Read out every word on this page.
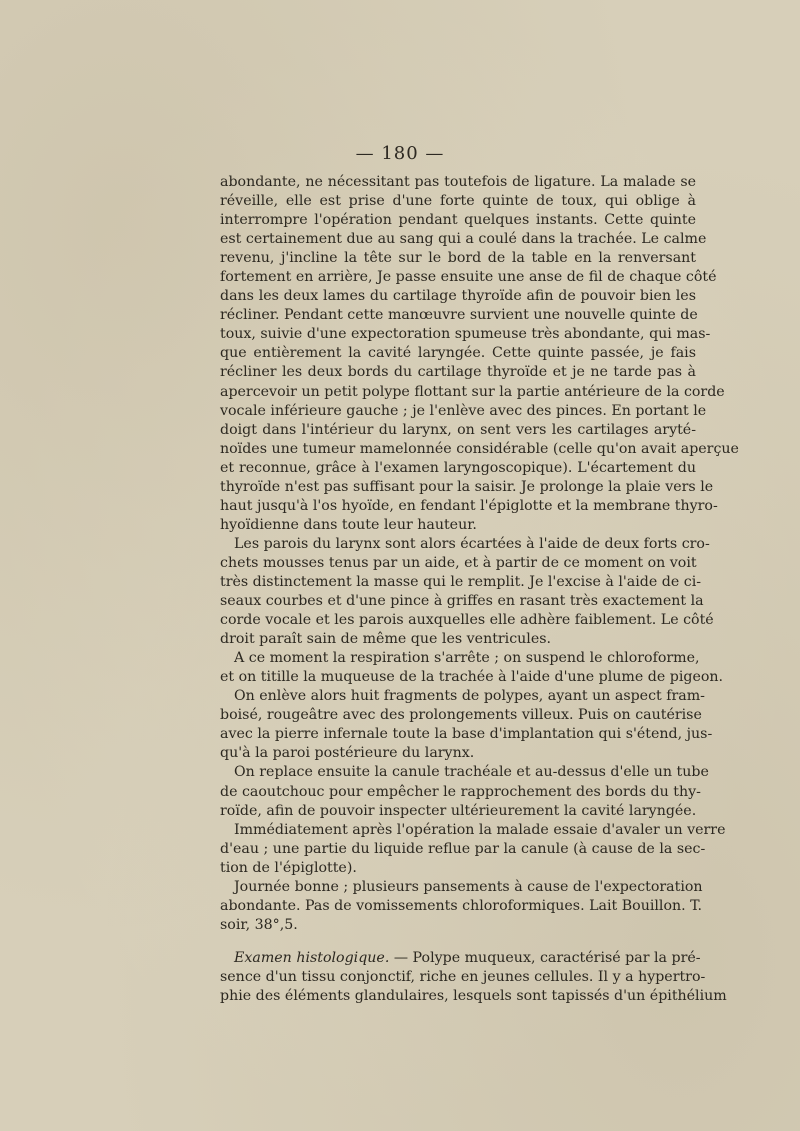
— 180 —
abondante, ne nécessitant pas toutefois de ligature. La malade se
réveille, elle est prise d'une forte quinte de toux, qui oblige à
interrompre l'opération pendant quelques instants. Cette quinte
est certainement due au sang qui a coulé dans la trachée. Le calme
revenu, j'incline la tête sur le bord de la table en la renversant
fortement en arrière, Je passe ensuite une anse de fil de chaque côté
dans les deux lames du cartilage thyroïde afin de pouvoir bien les
récliner. Pendant cette manœuvre survient une nouvelle quinte de
toux, suivie d'une expectoration spumeuse très abondante, qui mas-
que entièrement la cavité laryngée. Cette quinte passée, je fais
récliner les deux bords du cartilage thyroïde et je ne tarde pas à
apercevoir un petit polype flottant sur la partie antérieure de la corde
vocale inférieure gauche ; je l'enlève avec des pinces. En portant le
doigt dans l'intérieur du larynx, on sent vers les cartilages aryté-
noïdes une tumeur mamelonnée considérable (celle qu'on avait aperçue
et reconnue, grâce à l'examen laryngoscopique). L'écartement du
thyroïde n'est pas suffisant pour la saisir. Je prolonge la plaie vers le
haut jusqu'à l'os hyoïde, en fendant l'épiglotte et la membrane thyro-
hyoïdienne dans toute leur hauteur.
Les parois du larynx sont alors écartées à l'aide de deux forts cro-
chets mousses tenus par un aide, et à partir de ce moment on voit
très distinctement la masse qui le remplit. Je l'excise à l'aide de ci-
seaux courbes et d'une pince à griffes en rasant très exactement la
corde vocale et les parois auxquelles elle adhère faiblement. Le côté
droit paraît sain de même que les ventricules.
A ce moment la respiration s'arrête ; on suspend le chloroforme,
et on titille la muqueuse de la trachée à l'aide d'une plume de pigeon.
On enlève alors huit fragments de polypes, ayant un aspect fram-
boisé, rougeâtre avec des prolongements villeux. Puis on cautérise
avec la pierre infernale toute la base d'implantation qui s'étend, jus-
qu'à la paroi postérieure du larynx.
On replace ensuite la canule trachéale et au-dessus d'elle un tube
de caoutchouc pour empêcher le rapprochement des bords du thy-
roïde, afin de pouvoir inspecter ultérieurement la cavité laryngée.
Immédiatement après l'opération la malade essaie d'avaler un verre
d'eau ; une partie du liquide reflue par la canule (à cause de la sec-
tion de l'épiglotte).
Journée bonne ; plusieurs pansements à cause de l'expectoration
abondante. Pas de vomissements chloroformiques. Lait Bouillon. T.
soir, 38°,5.
Examen histologique. — Polype muqueux, caractérisé par la pré-
sence d'un tissu conjonctif, riche en jeunes cellules. Il y a hypertro-
phie des éléments glandulaires, lesquels sont tapissés d'un épithélium
